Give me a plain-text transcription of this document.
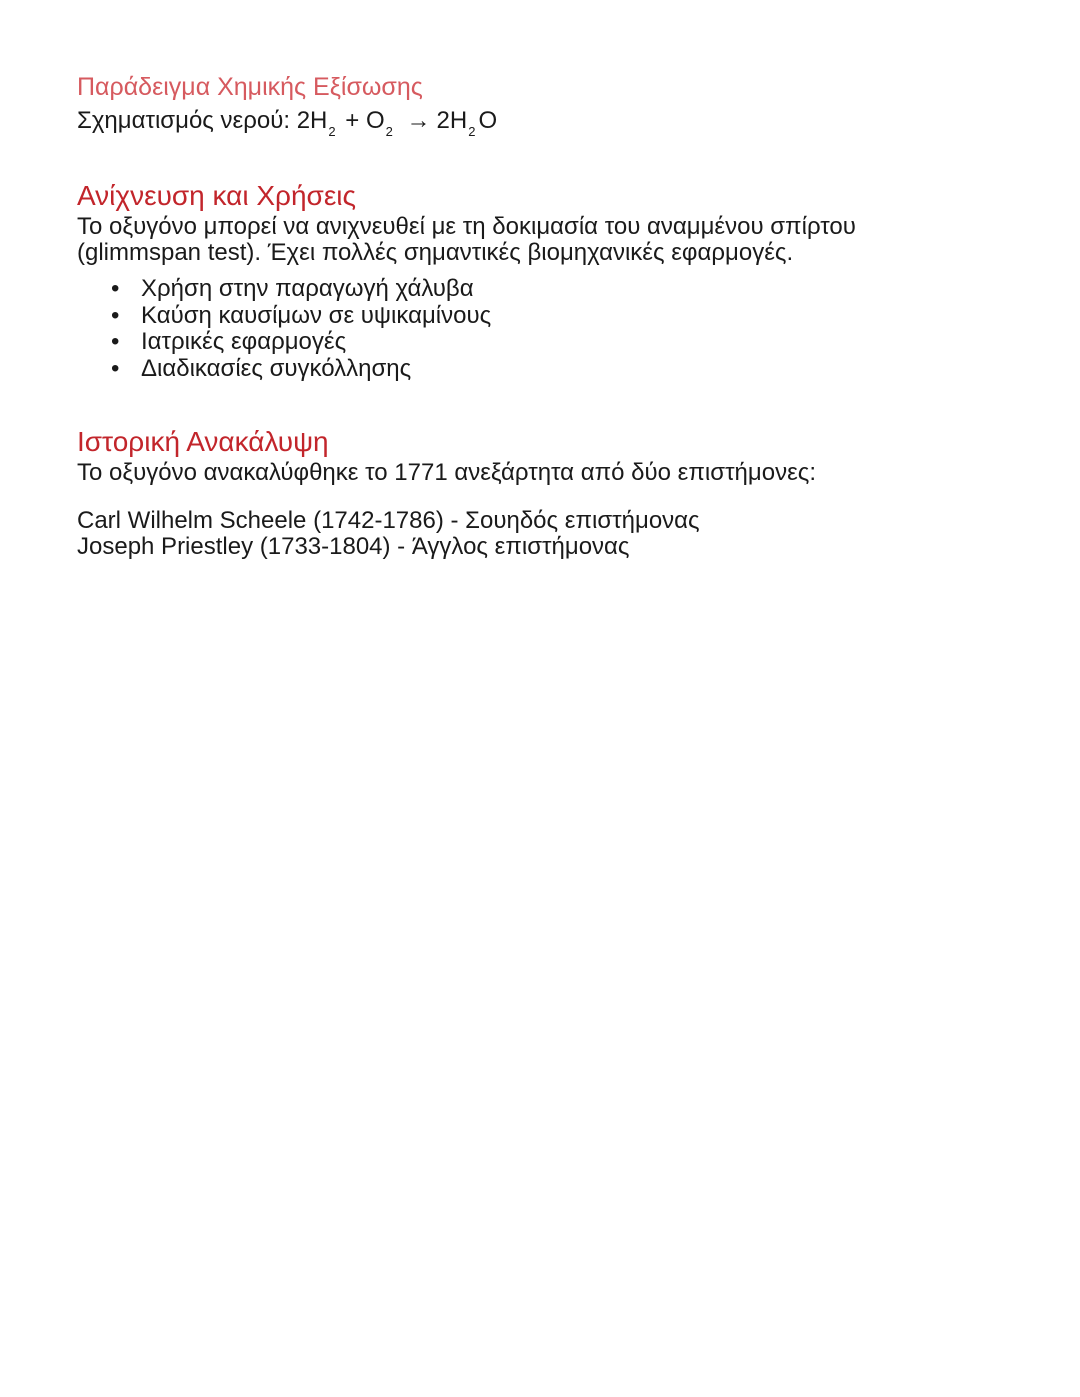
Παράδειγμα Χημικής Εξίσωσης

Σχηματισμός νερού: $2H_2 + O_2 \to 2H_2$ O

Ανίχνευση και Χρήσεις

Το οξυγόνο μπορεί να ανιχνευθεί με τη δοκιμασία του αναμμένου σπίρτου

(glimmspan test). Έχει πολλές σημαντικές βιομηχανικές εφαρμογές.

• Χρήση στην παραγωγή χάλυβα
• Καύση καυσίμων σε υψικαμίνους
• Ιατρικές εφαρμογές
• Διαδικασίες συγκόλλησης
Ιστορική Ανακάλυψη

Το οξυγόνο ανακαλύφθηκε το 1771 ανεξάρτητα από δύο επιστήμονες:

Carl Wilhelm Scheele (1742-1786) - Σουηδός επιστήμονας

Joseph Priestley (1733-1804) - Άγγλος επιστήμονας
